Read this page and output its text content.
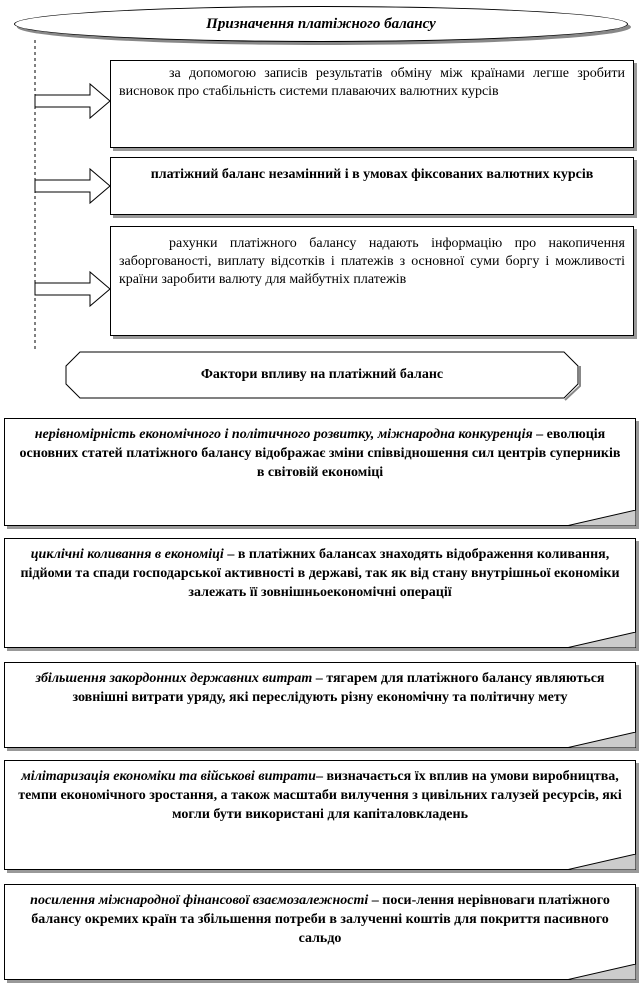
Призначення платіжного балансу
за допомогою записів результатів обміну між країнами легше зробити висновок про стабільність системи плаваючих валютних курсів
платіжний баланс незамінний і в умовах фіксованих валютних курсів
рахунки платіжного балансу надають інформацію про накопичення заборгованості, виплату відсотків і платежів з основної суми боргу і можливості країни заробити валюту для майбутніх платежів
Фактори впливу на платіжний баланс
нерівномірність економічного і політичного розвитку, міжнародна конкуренція – еволюція основних статей платіжного балансу відображає зміни співвідношення сил центрів суперників в світовій економіці
циклічні коливання в економіці – в платіжних балансах знаходять відображення коливання, підйоми та спади господарської активності в державі, так як від стану внутрішньої економіки залежать її зовнішньоекономічні операції
збільшення закордонних державних витрат – тягарем для платіжного балансу являються зовнішні витрати уряду, які переслідують різну економічну та політичну мету
мілітаризація економіки та військові витрати– визначається їх вплив на умови виробництва, темпи економічного зростання, а також масштаби вилучення з цивільних галузей ресурсів, які могли бути використані для капіталовкладень
посилення міжнародної фінансової взаємозалежності – поси-лення нерівноваги платіжного балансу окремих країн та збільшення потреби в залученні коштів для покриття пасивного сальдо
